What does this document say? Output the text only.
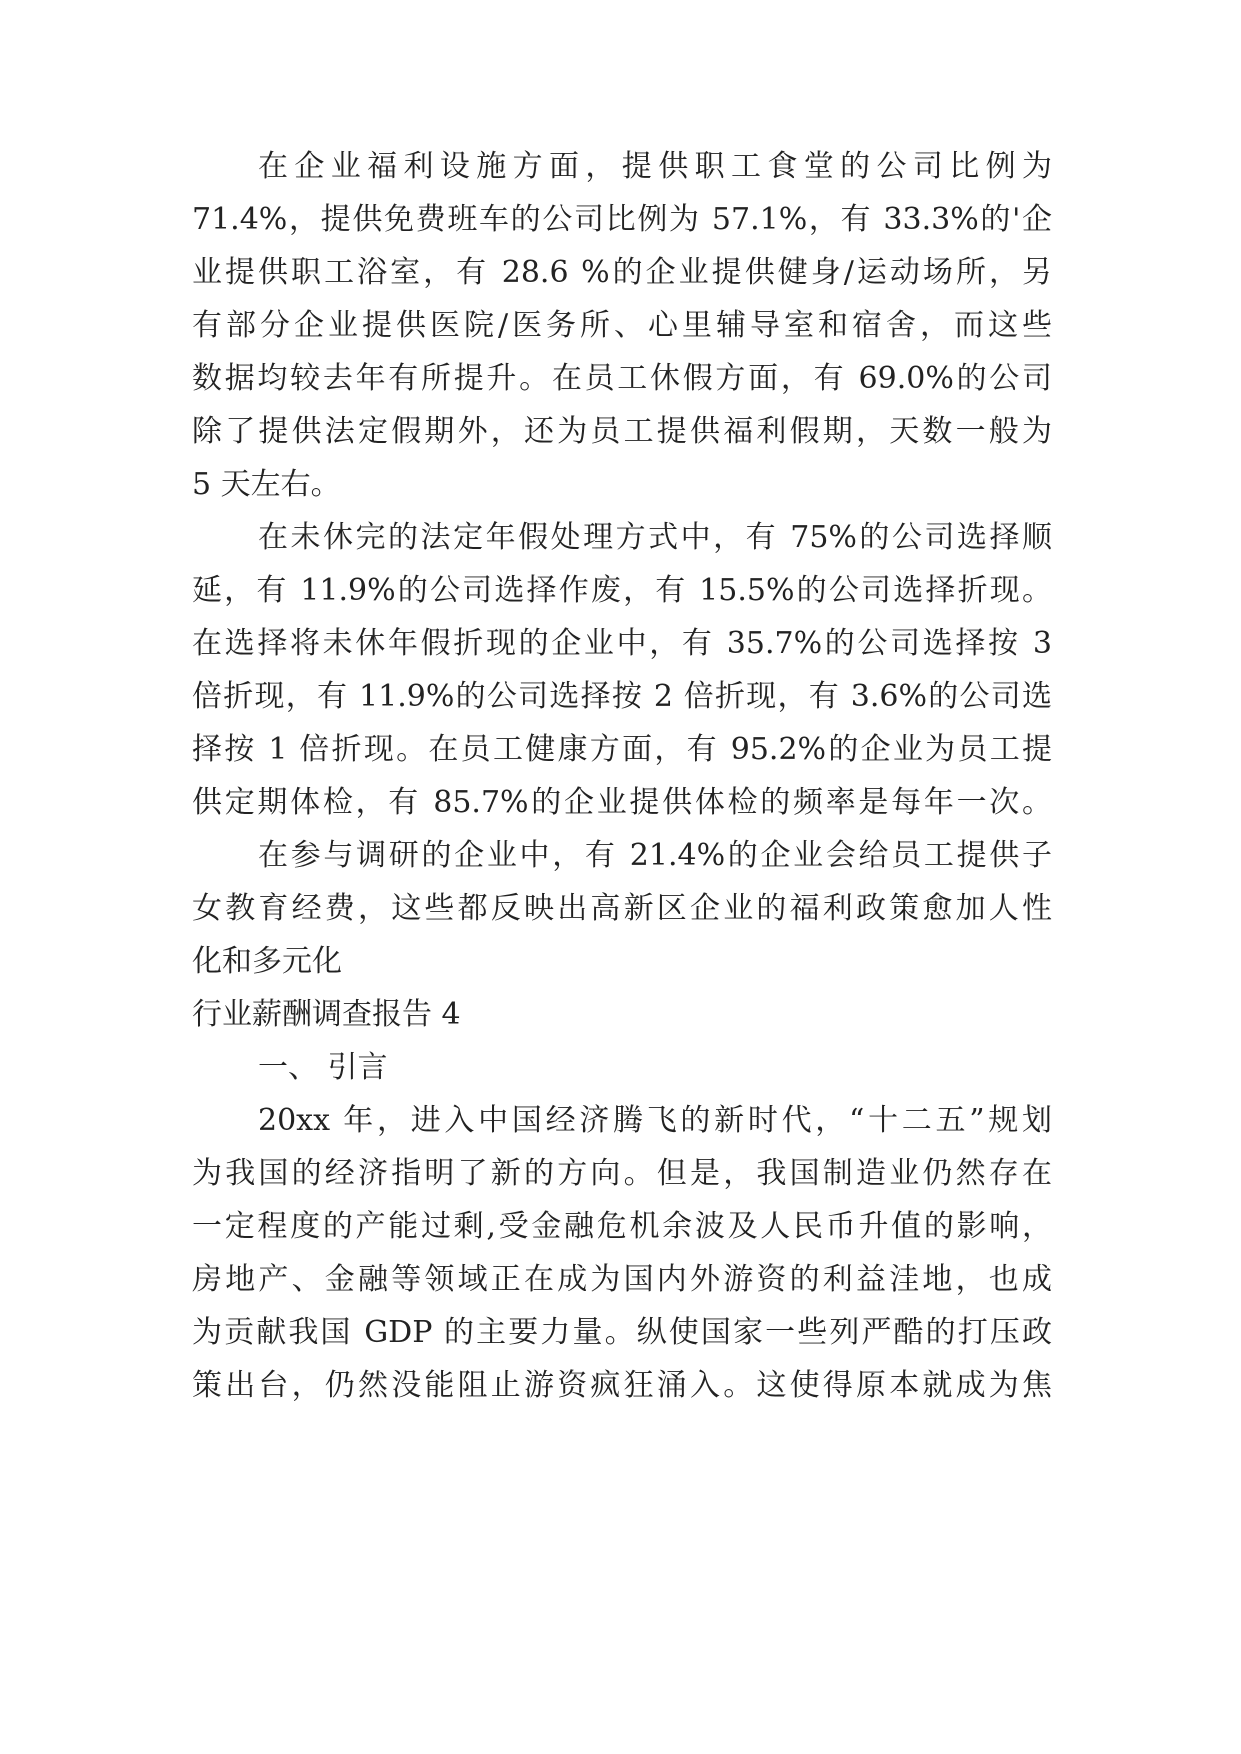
在企业福利设施方面，提供职工食堂的公司比例为
71.4%，提供免费班车的公司比例为 57.1%，有 33.3%的'企
业提供职工浴室，有 28.6 %的企业提供健身/运动场所，另
有部分企业提供医院/医务所、心里辅导室和宿舍，而这些
数据均较去年有所提升。在员工休假方面，有 69.0%的公司
除了提供法定假期外，还为员工提供福利假期，天数一般为
5 天左右。
在未休完的法定年假处理方式中，有 75%的公司选择顺
延，有 11.9%的公司选择作废，有 15.5%的公司选择折现。
在选择将未休年假折现的企业中，有 35.7%的公司选择按 3
倍折现，有 11.9%的公司选择按 2 倍折现，有 3.6%的公司选
择按 1 倍折现。在员工健康方面，有 95.2%的企业为员工提
供定期体检，有 85.7%的企业提供体检的频率是每年一次。
在参与调研的企业中，有 21.4%的企业会给员工提供子
女教育经费，这些都反映出高新区企业的福利政策愈加人性
化和多元化
行业薪酬调查报告 4
一、 引言
20xx 年，进入中国经济腾飞的新时代，“十二五”规划
为我国的经济指明了新的方向。但是，我国制造业仍然存在
一定程度的产能过剩,受金融危机余波及人民币升值的影响，
房地产、金融等领域正在成为国内外游资的利益洼地，也成
为贡献我国 GDP 的主要力量。纵使国家一些列严酷的打压政
策出台，仍然没能阻止游资疯狂涌入。这使得原本就成为焦
